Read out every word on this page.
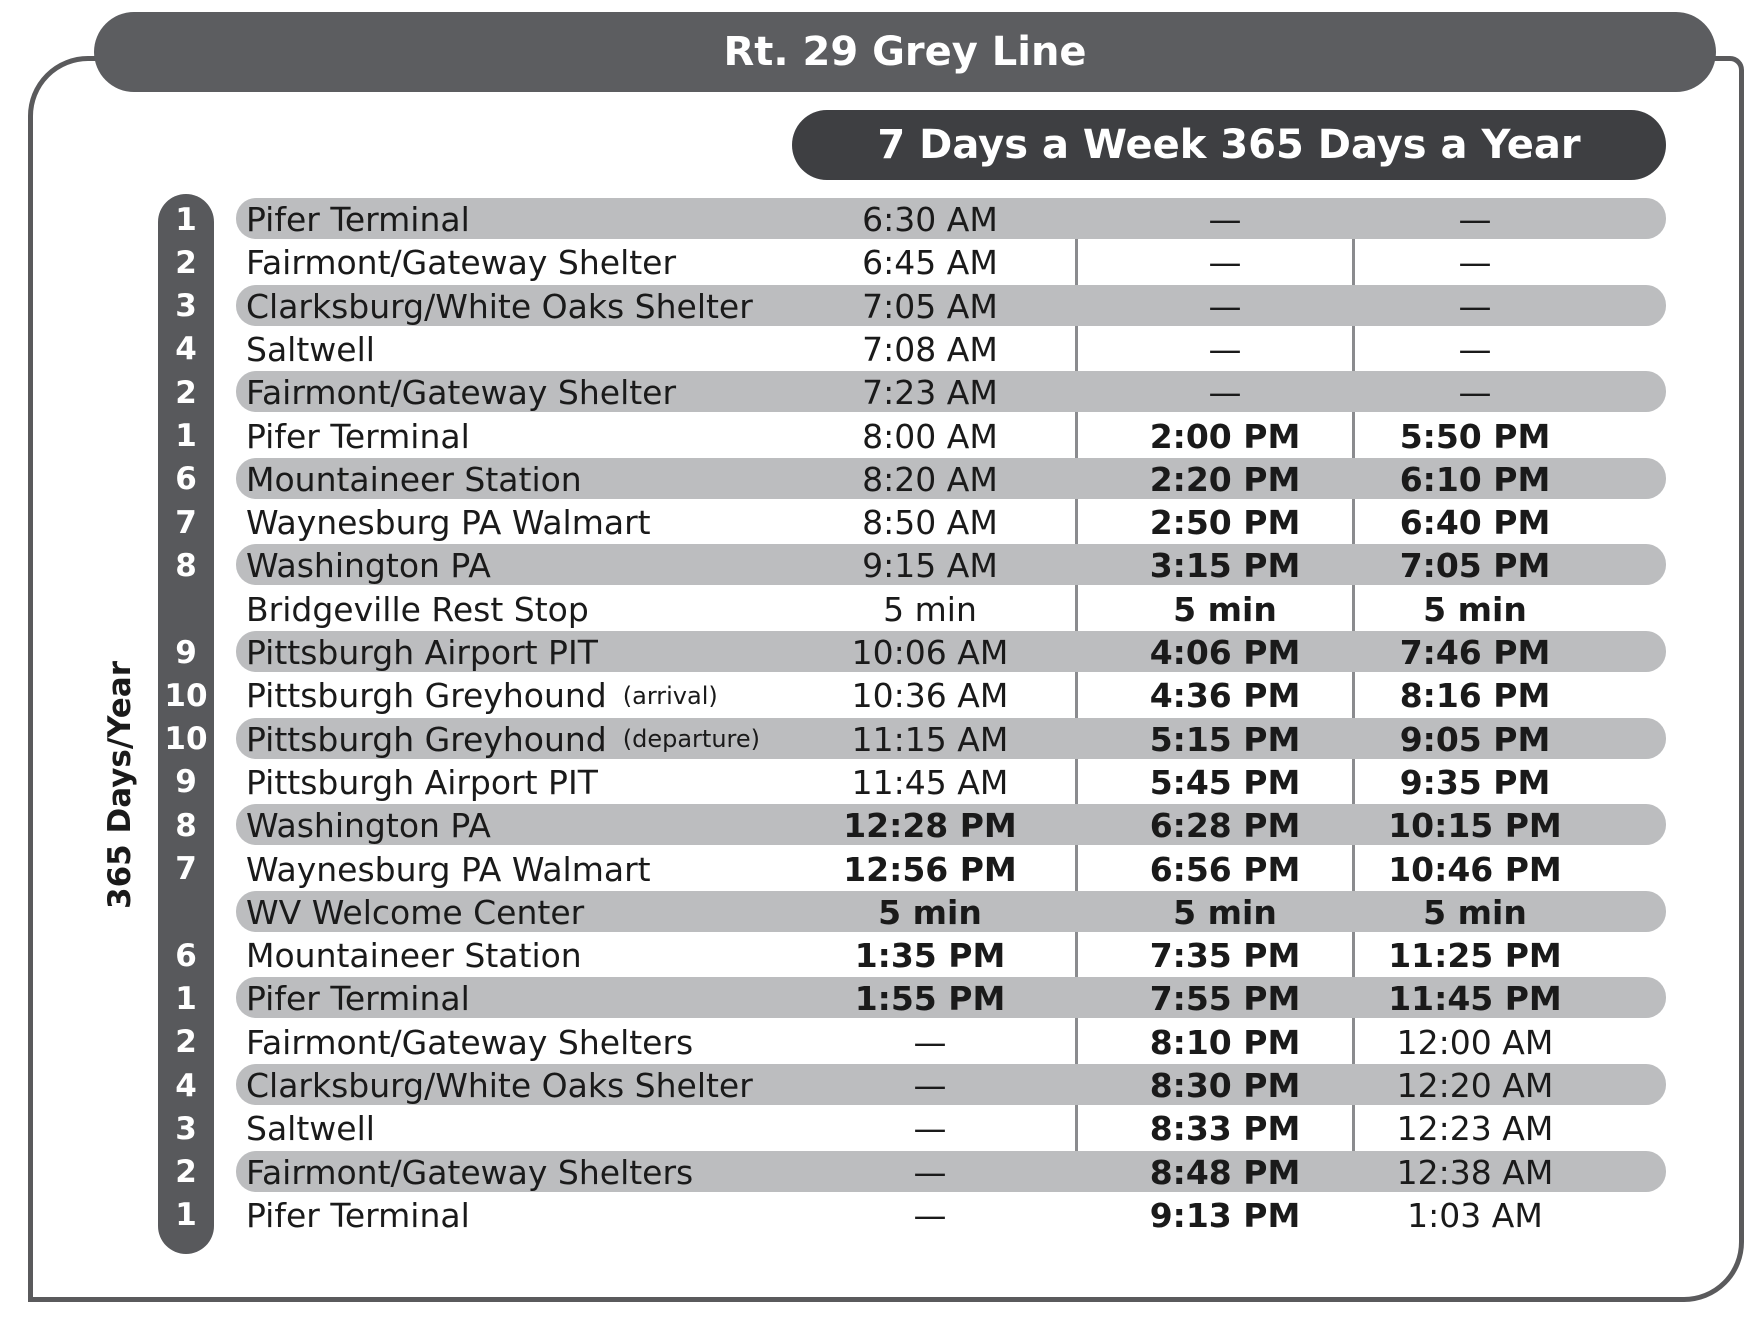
Rt. 29 Grey Line
7 Days a Week 365 Days a Year
365 Days/Year
1	Pifer Terminal	6:30 AM	—	—
2	Fairmont/Gateway Shelter	6:45 AM	—	—
3	Clarksburg/White Oaks Shelter	7:05 AM	—	—
4	Saltwell	7:08 AM	—	—
2	Fairmont/Gateway Shelter	7:23 AM	—	—
1	Pifer Terminal	8:00 AM	2:00 PM	5:50 PM
6	Mountaineer Station	8:20 AM	2:20 PM	6:10 PM
7	Waynesburg PA Walmart	8:50 AM	2:50 PM	6:40 PM
8	Washington PA	9:15 AM	3:15 PM	7:05 PM
Bridgeville Rest Stop	5 min	5 min	5 min
9	Pittsburgh Airport PIT	10:06 AM	4:06 PM	7:46 PM
10 Pittsburgh Greyhound (arrival)	10:36 AM	4:36 PM	8:16 PM
10 Pittsburgh Greyhound (departure)	11:15 AM	5:15 PM	9:05 PM
9	Pittsburgh Airport PIT	11:45 AM	5:45 PM	9:35 PM
8	Washington PA	12:28 PM	6:28 PM	10:15 PM
7	Waynesburg PA Walmart	12:56 PM	6:56 PM	10:46 PM
WV Welcome Center	5 min	5 min	5 min
6	Mountaineer Station	1:35 PM	7:35 PM	11:25 PM
1	Pifer Terminal	1:55 PM	7:55 PM	11:45 PM
2	Fairmont/Gateway Shelters	—	8:10 PM	12:00 AM
4	Clarksburg/White Oaks Shelter	—	8:30 PM	12:20 AM
3	Saltwell	—	8:33 PM	12:23 AM
2	Fairmont/Gateway Shelters	—	8:48 PM	12:38 AM
1	Pifer Terminal	—	9:13 PM	1:03 AM
